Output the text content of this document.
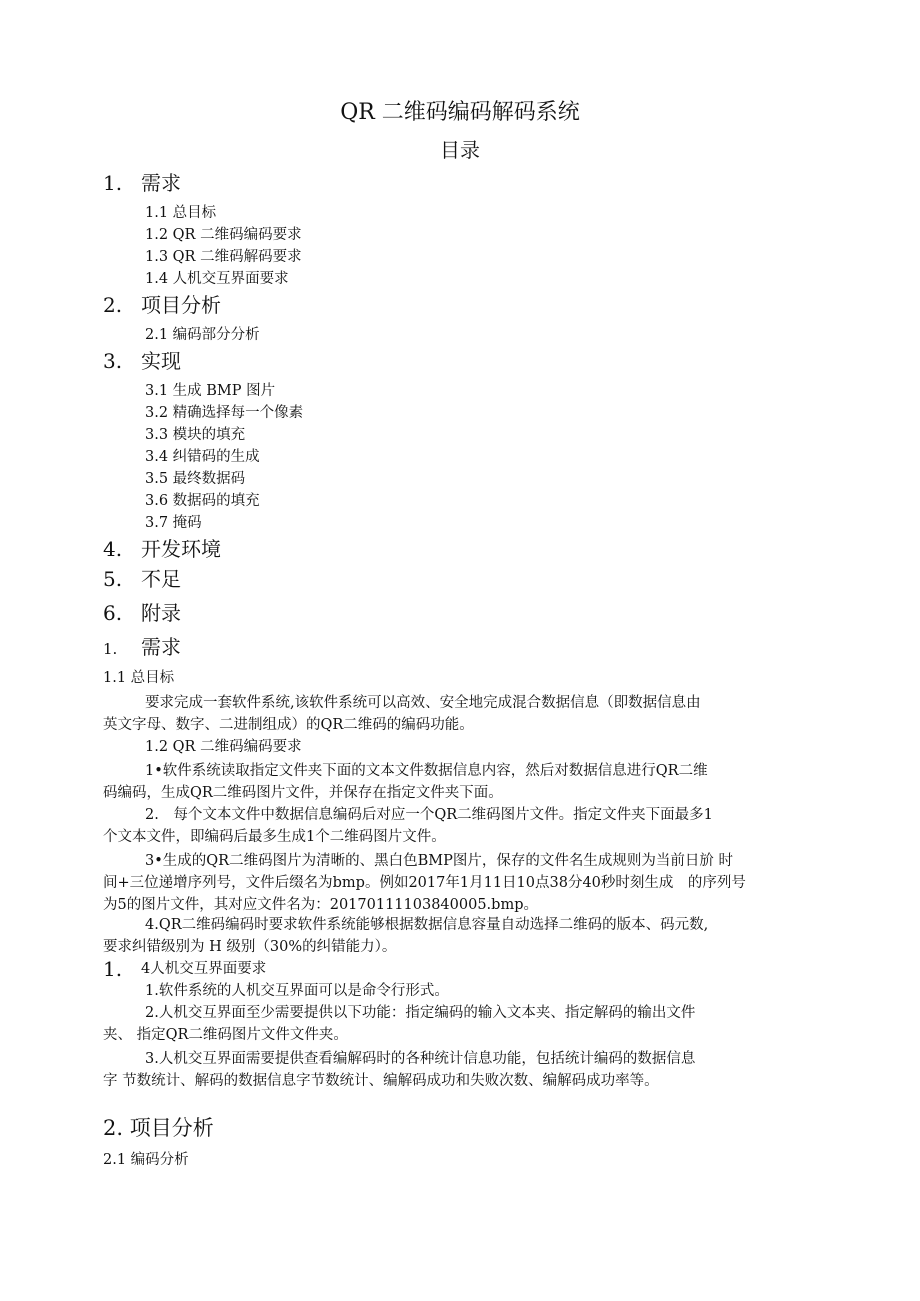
QR 二维码编码解码系统
目录
1. 需求
1.1 总目标
1.2 QR 二维码编码要求
1.3 QR 二维码解码要求
1.4 人机交互界面要求
2. 项目分析
2.1 编码部分分析
3. 实现
3.1 生成 BMP 图片
3.2 精确选择每一个像素
3.3 模块的填充
3.4 纠错码的生成
3.5 最终数据码
3.6 数据码的填充
3.7 掩码
4. 开发环境
5. 不足
6. 附录
1. 需求
1.1 总目标
要求完成一套软件系统,该软件系统可以高效、安全地完成混合数据信息（即数据信息由
英文字母、数字、二进制组成）的QR二维码的编码功能。
1.2 QR 二维码编码要求
1•软件系统读取指定文件夹下面的文本文件数据信息内容，然后对数据信息进行QR二维
码编码，生成QR二维码图片文件，并保存在指定文件夹下面。
2.　每个文本文件中数据信息编码后对应一个QR二维码图片文件。指定文件夹下面最多1
个文本文件，即编码后最多生成1个二维码图片文件。
3•生成的QR二维码图片为清晰的、黑白色BMP图片，保存的文件名生成规则为当前日斺 时
间+三位递增序列号，文件后缀名为bmp。例如2017年1月11日10点38分40秒时刻生成　的序列号
为5的图片文件，其对应文件名为：20170111103840005.bmp。
4.QR二维码编码时要求软件系统能够根据数据信息容量自动选择二维码的版本、码元数,
要求纠错级别为 H 级别（30%的纠错能力）。
1. 4人机交互界面要求
1.软件系统的人机交互界面可以是命令行形式。
2.人机交互界面至少需要提供以下功能：指定编码的输入文本夹、指定解码的输出文件
夹、 指定QR二维码图片文件文件夹。
3.人机交互界面需要提供查看编解码时的各种统计信息功能，包括统计编码的数据信息
字 节数统计、解码的数据信息字节数统计、编解码成功和失败次数、编解码成功率等。
2. 项目分析
2.1 编码分析
